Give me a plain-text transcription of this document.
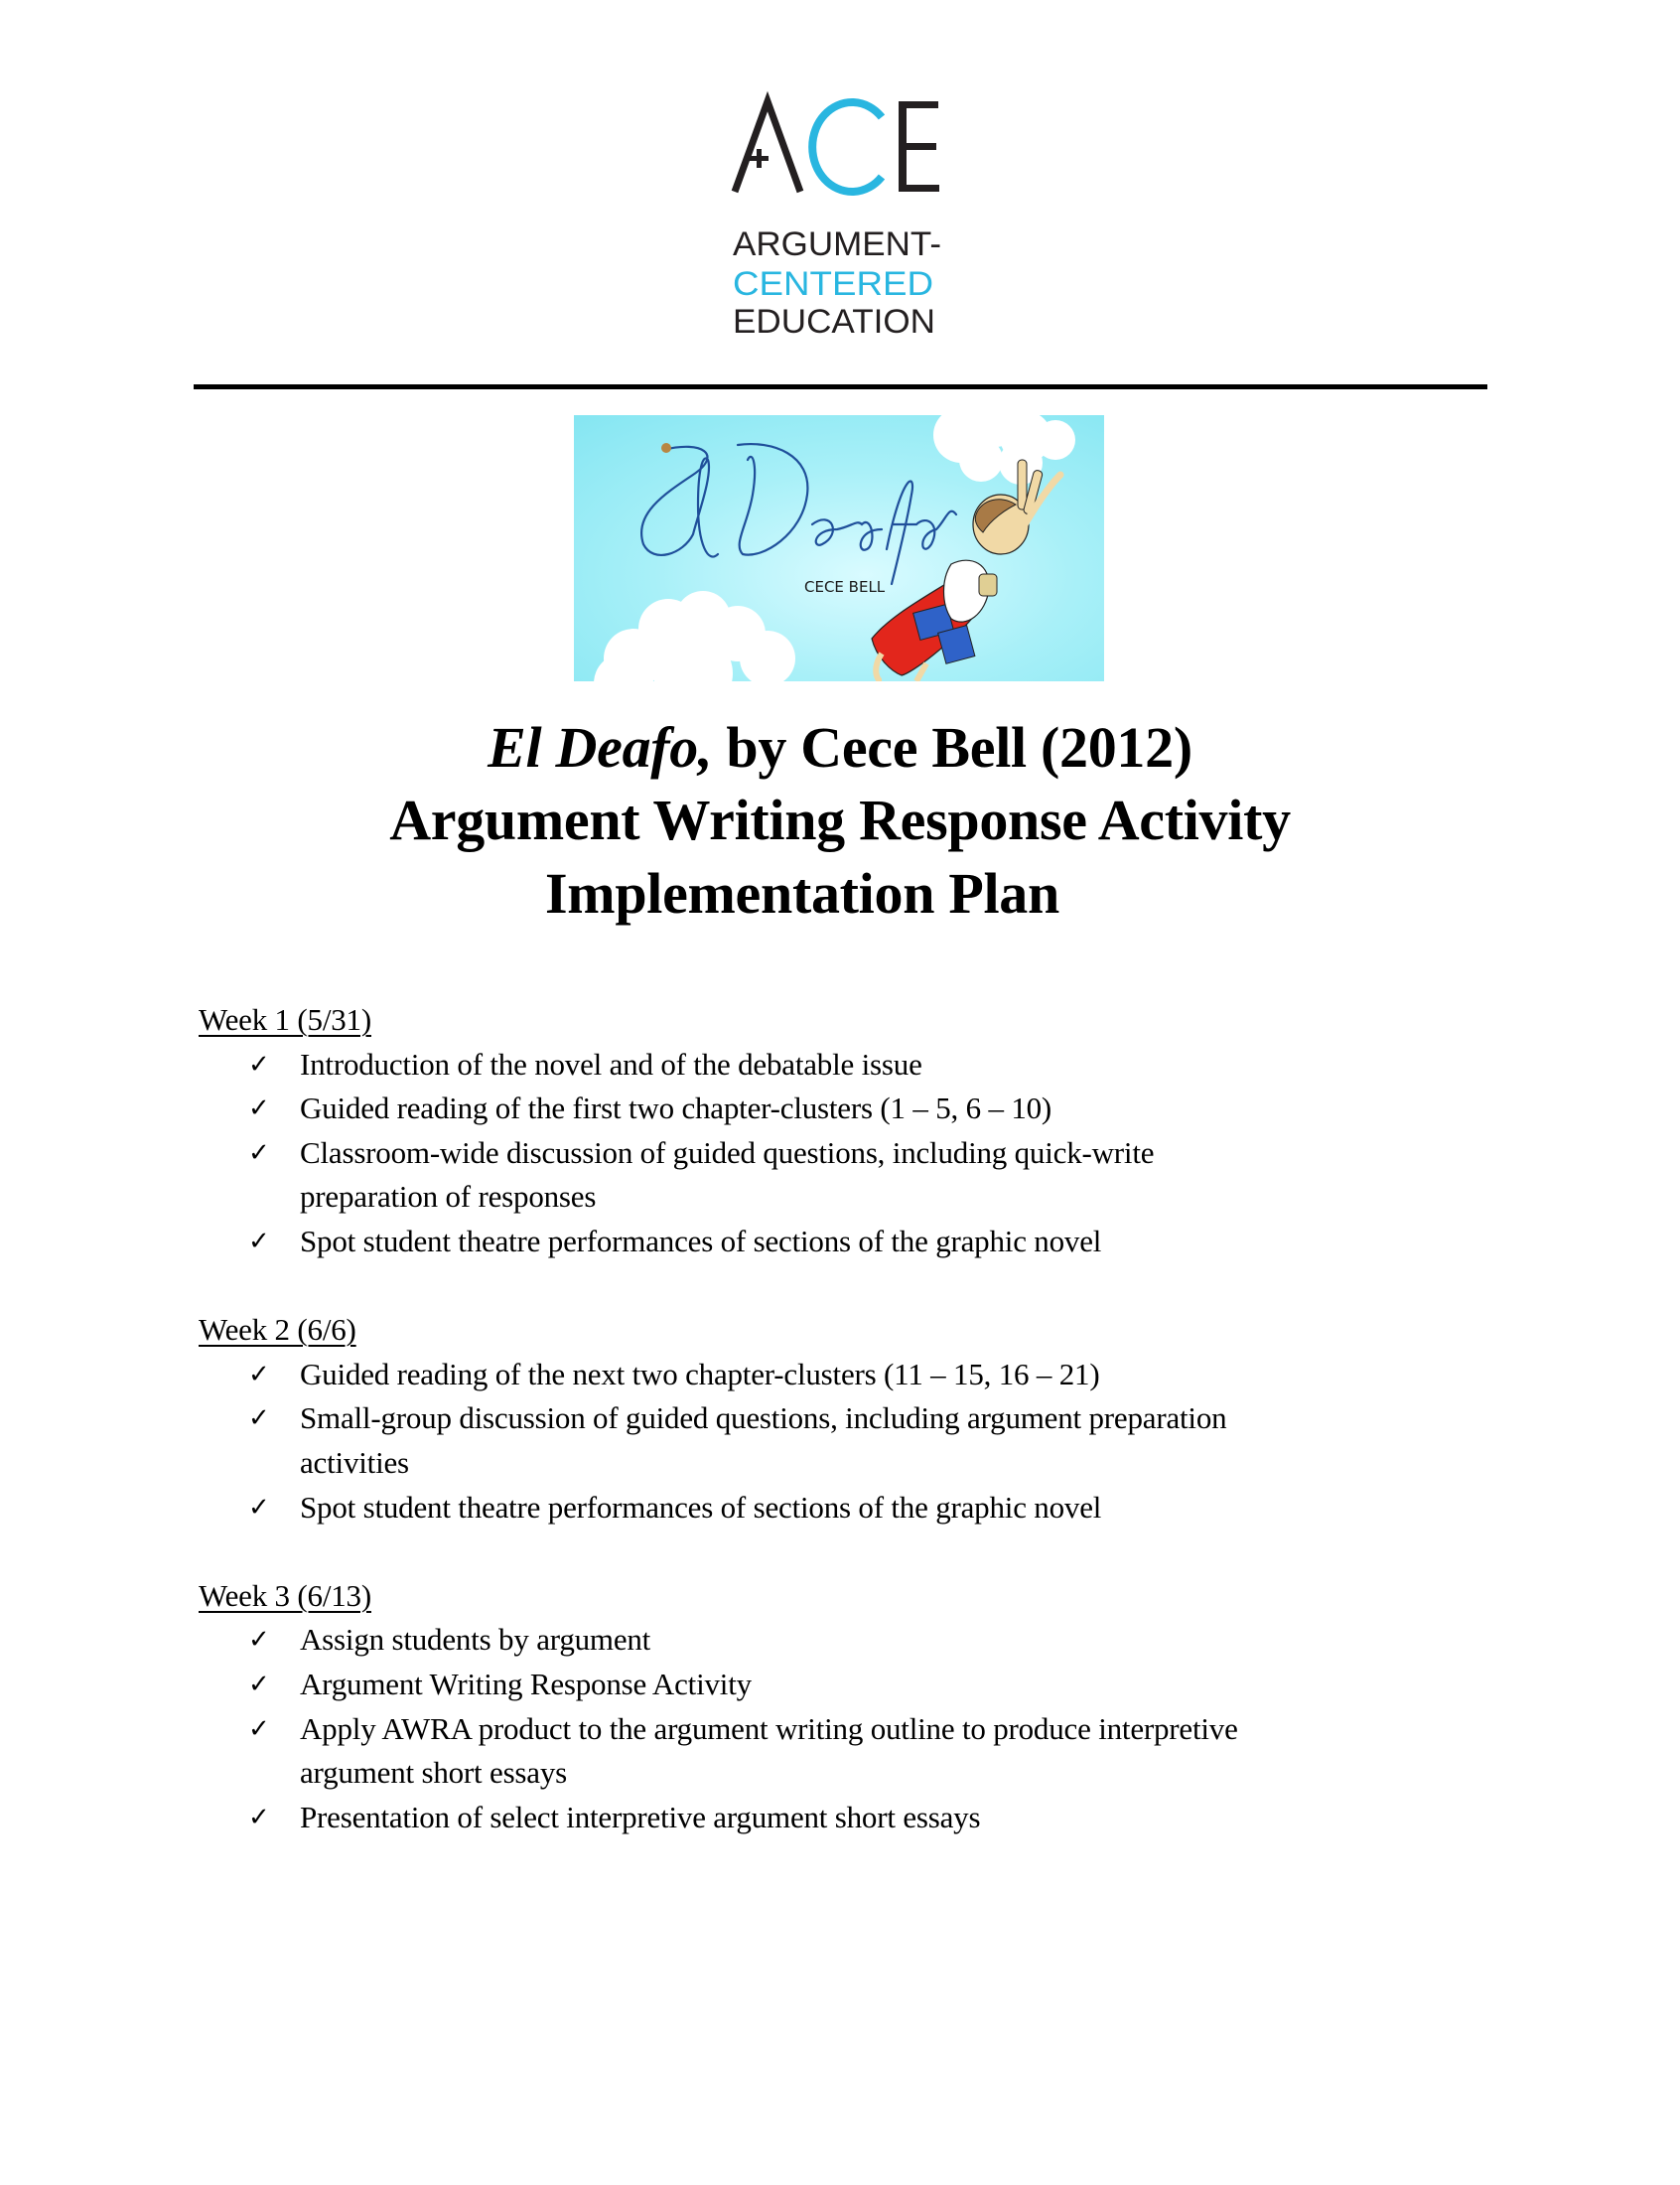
ARGUMENT-
CENTERED
EDUCATION
CECE BELL
El Deafo, by Cece Bell (2012)
Argument Writing Response Activity
Implementation Plan
Week 1 (5/31)
✓ Introduction of the novel and of the debatable issue
✓ Guided reading of the first two chapter-clusters (1 – 5, 6 – 10)
✓ Classroom-wide discussion of guided questions, including quick-write
preparation of responses
✓ Spot student theatre performances of sections of the graphic novel
Week 2 (6/6)
✓ Guided reading of the next two chapter-clusters (11 – 15, 16 – 21)
✓ Small-group discussion of guided questions, including argument preparation
activities
✓ Spot student theatre performances of sections of the graphic novel
Week 3 (6/13)
✓ Assign students by argument
✓ Argument Writing Response Activity
✓ Apply AWRA product to the argument writing outline to produce interpretive
argument short essays
✓ Presentation of select interpretive argument short essays
